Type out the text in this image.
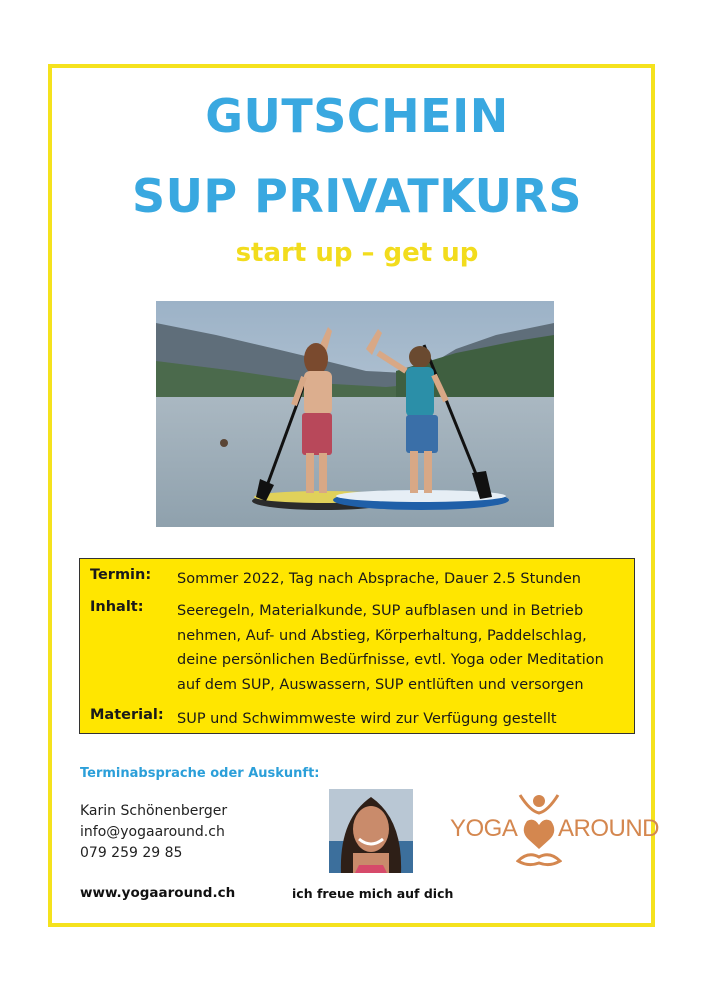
GUTSCHEIN
SUP PRIVATKURS
start up – get up
Termin: Sommer 2022, Tag nach Absprache, Dauer 2.5 Stunden
Inhalt: Seeregeln, Materialkunde, SUP aufblasen und in Betrieb
nehmen, Auf- und Abstieg, Körperhaltung, Paddelschlag,
deine persönlichen Bedürfnisse, evtl. Yoga oder Meditation
auf dem SUP, Auswassern, SUP entlüften und versorgen
Material: SUP und Schwimmweste wird zur Verfügung gestellt
Terminabsprache oder Auskunft:
Karin Schönenberger
info@yogaaround.ch
079 259 29 85
www.yogaaround.ch	ich freue mich auf dich
YOGA AROUND
